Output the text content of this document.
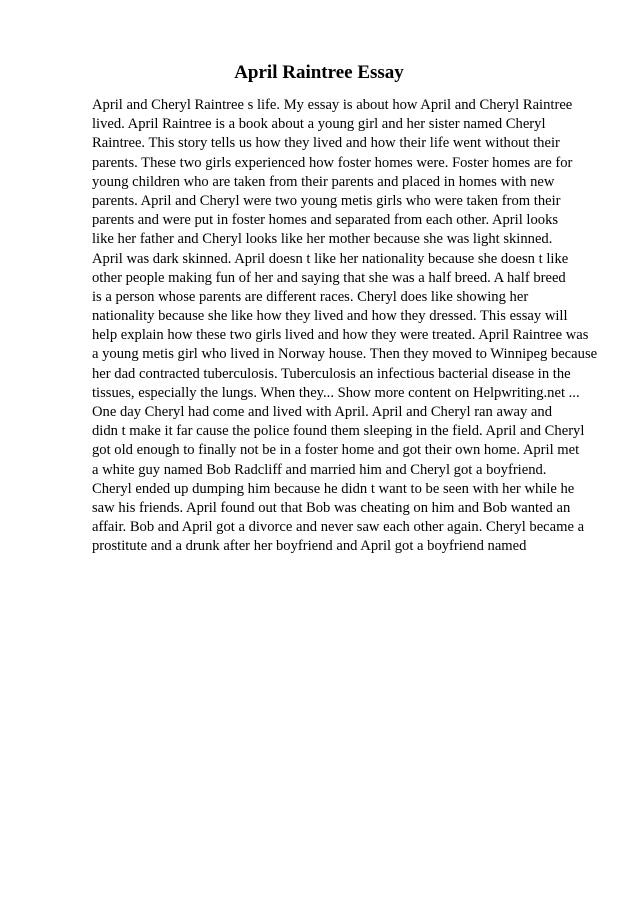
April Raintree Essay
April and Cheryl Raintree s life. My essay is about how April and Cheryl Raintree
lived. April Raintree is a book about a young girl and her sister named Cheryl
Raintree. This story tells us how they lived and how their life went without their
parents. These two girls experienced how foster homes were. Foster homes are for
young children who are taken from their parents and placed in homes with new
parents. April and Cheryl were two young metis girls who were taken from their
parents and were put in foster homes and separated from each other. April looks
like her father and Cheryl looks like her mother because she was light skinned.
April was dark skinned. April doesn t like her nationality because she doesn t like
other people making fun of her and saying that she was a half breed. A half breed
is a person whose parents are different races. Cheryl does like showing her
nationality because she like how they lived and how they dressed. This essay will
help explain how these two girls lived and how they were treated. April Raintree was
a young metis girl who lived in Norway house. Then they moved to Winnipeg because
her dad contracted tuberculosis. Tuberculosis an infectious bacterial disease in the
tissues, especially the lungs. When they... Show more content on Helpwriting.net ...
One day Cheryl had come and lived with April. April and Cheryl ran away and
didn t make it far cause the police found them sleeping in the field. April and Cheryl
got old enough to finally not be in a foster home and got their own home. April met
a white guy named Bob Radcliff and married him and Cheryl got a boyfriend.
Cheryl ended up dumping him because he didn t want to be seen with her while he
saw his friends. April found out that Bob was cheating on him and Bob wanted an
affair. Bob and April got a divorce and never saw each other again. Cheryl became a
prostitute and a drunk after her boyfriend and April got a boyfriend named
